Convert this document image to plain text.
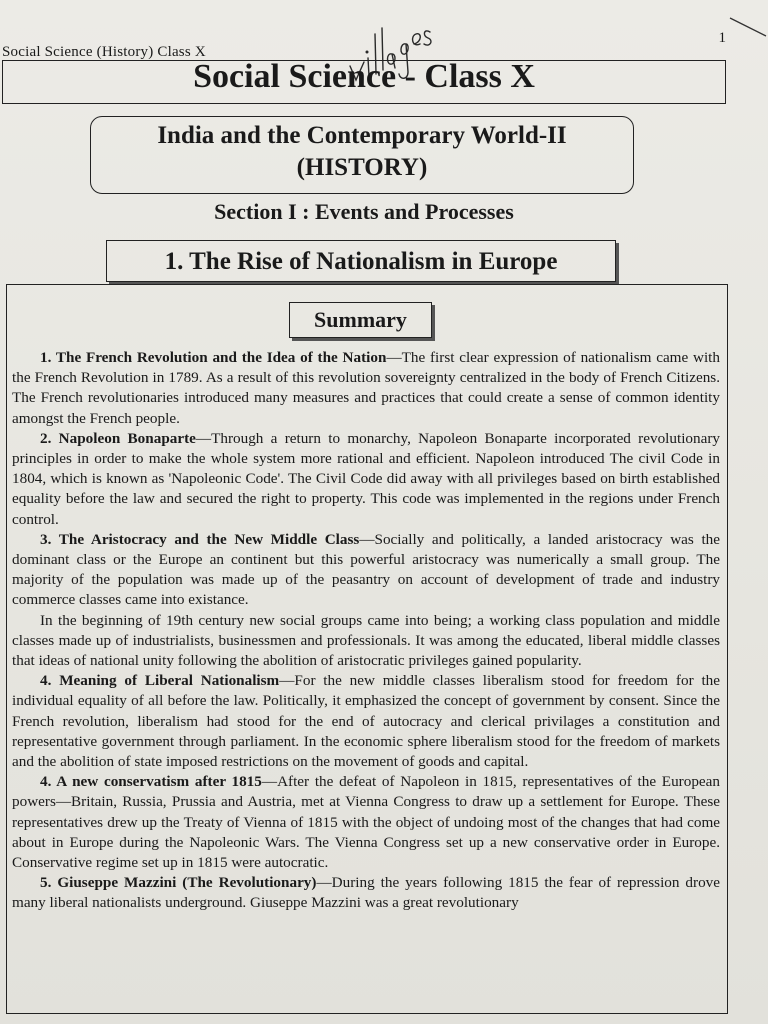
Social Science (History) Class X
1
Social Science - Class X
India and the Contemporary World-II
(HISTORY)
Section I : Events and Processes
1. The Rise of Nationalism in Europe
Summary

1. The French Revolution and the Idea of the Nation—The first clear expression of nationalism came with the French Revolution in 1789. As a result of this revolution sovereignty centralized in the body of French Citizens. The French revolutionaries introduced many measures and practices that could create a sense of common identity amongst the French people.

2. Napoleon Bonaparte—Through a return to monarchy, Napoleon Bonaparte incorporated revolutionary principles in order to make the whole system more rational and efficient. Napoleon introduced The civil Code in 1804, which is known as 'Napoleonic Code'. The Civil Code did away with all privileges based on birth established equality before the law and secured the right to property. This code was implemented in the regions under French control.

3. The Aristocracy and the New Middle Class—Socially and politically, a landed aristocracy was the dominant class or the Europe an continent but this powerful aristocracy was numerically a small group. The majority of the population was made up of the peasantry on account of development of trade and industry commerce classes came into existance.

In the beginning of 19th century new social groups came into being; a working class population and middle classes made up of industrialists, businessmen and professionals. It was among the educated, liberal middle classes that ideas of national unity following the abolition of aristocratic privileges gained popularity.

4. Meaning of Liberal Nationalism—For the new middle classes liberalism stood for freedom for the individual equality of all before the law. Politically, it emphasized the concept of government by consent. Since the French revolution, liberalism had stood for the end of autocracy and clerical privilages a constitution and representative government through parliament. In the economic sphere liberalism stood for the freedom of markets and the abolition of state imposed restrictions on the movement of goods and capital.

4. A new conservatism after 1815—After the defeat of Napoleon in 1815, representatives of the European powers—Britain, Russia, Prussia and Austria, met at Vienna Congress to draw up a settlement for Europe. These representatives drew up the Treaty of Vienna of 1815 with the object of undoing most of the changes that had come about in Europe during the Napoleonic Wars. The Vienna Congress set up a new conservative order in Europe. Conservative regime set up in 1815 were autocratic.

5. Giuseppe Mazzini (The Revolutionary)—During the years following 1815 the fear of repression drove many liberal nationalists underground. Giuseppe Mazzini was a great revolutionary
